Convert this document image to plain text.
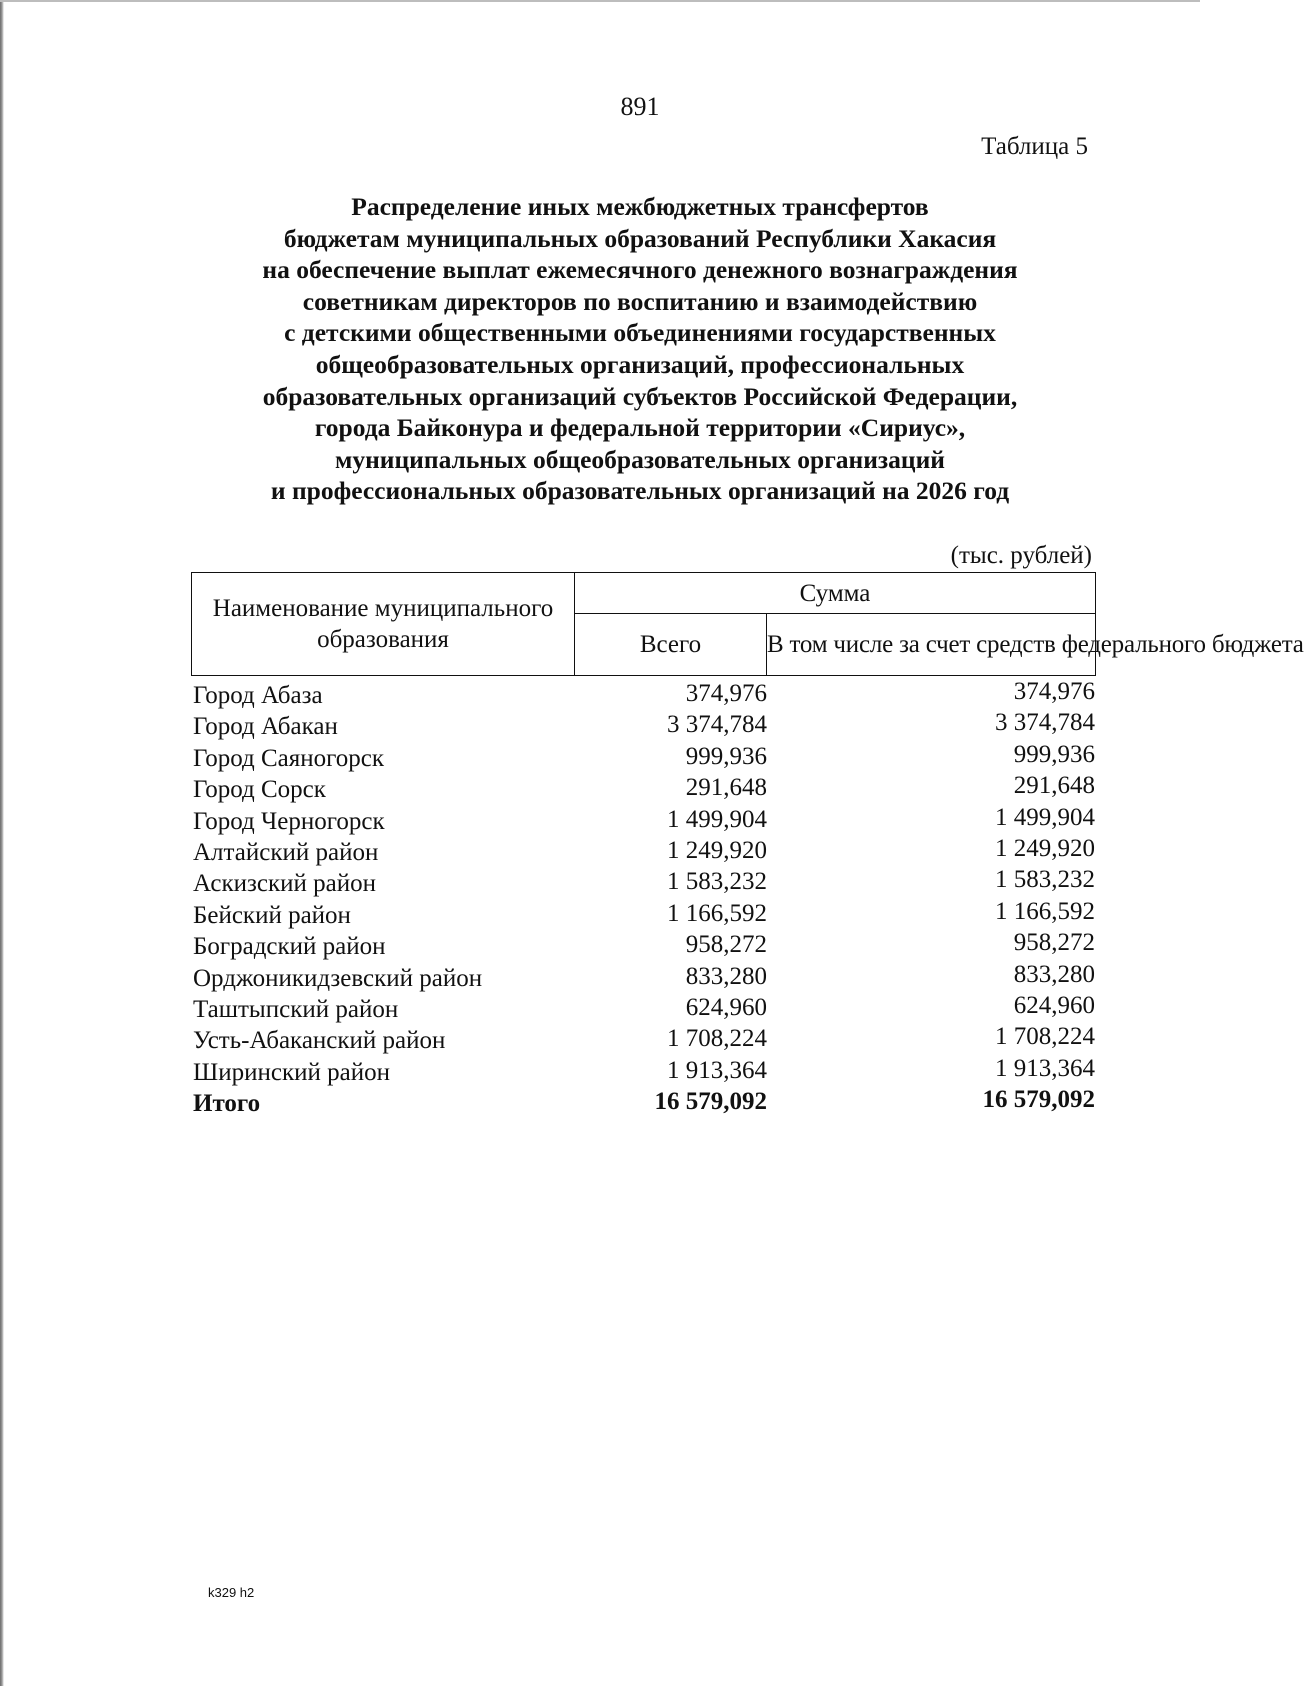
891
Таблица 5
Распределение иных межбюджетных трансфертов
бюджетам муниципальных образований Республики Хакасия
на обеспечение выплат ежемесячного денежного вознаграждения
советникам директоров по воспитанию и взаимодействию
с детскими общественными объединениями государственных
общеобразовательных организаций, профессиональных
образовательных организаций субъектов Российской Федерации,
города Байконура и федеральной территории «Сириус»,
муниципальных общеобразовательных организаций
и профессиональных образовательных организаций на 2026 год
(тыс. рублей)
Наименование муниципального образования	Сумма	
	Всего	В том числе за счет средств федерального бюджета
Город Абаза	374,976	374,976
Город Абакан	3 374,784	3 374,784
Город Саяногорск	999,936	999,936
Город Сорск	291,648	291,648
Город Черногорск	1 499,904	1 499,904
Алтайский район	1 249,920	1 249,920
Аскизский район	1 583,232	1 583,232
Бейский район	1 166,592	1 166,592
Боградский район	958,272	958,272
Орджоникидзевский район	833,280	833,280
Таштыпский район	624,960	624,960
Усть-Абаканский район	1 708,224	1 708,224
Ширинский район	1 913,364	1 913,364
Итого	16 579,092	16 579,092
k329 h2
